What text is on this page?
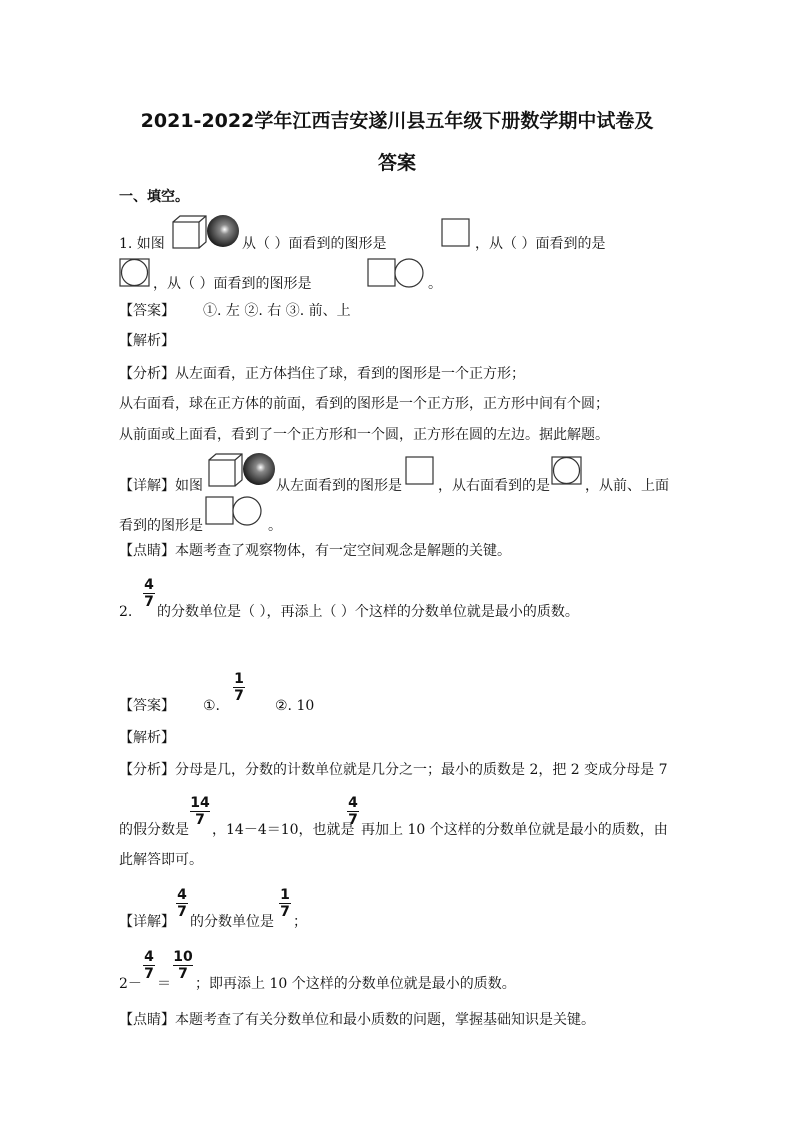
2021-2022学年江西吉安遂川县五年级下册数学期中试卷及
答案
一、填空。
1. 如图	从（ ）面看到的图形是	，从（ ）面看到的是
，从（ ）面看到的图形是	。
【答案】 ①. 左 ②. 右 ③. 前、上
【解析】
【分析】 从左面看，正方体挡住了球，看到的图形是一个正方形；
从右面看，球在正方体的前面，看到的图形是一个正方形，正方形中间有个圆；
从前面或上面看，看到了一个正方形和一个圆，正方形在圆的左边。据此解题。
【详解】 如图	从左面看到的图形是	，从右面看到的是	，从前、上面
看到的图形是	。
【点睛】 本题考查了观察物体，有一定空间观念是解题的关键。
2.
$\frac{4}{7}$
的分数单位是（ ），再添上（ ）个这样的分数单位就是最小的质数。
【答案】 ①.
$\frac{1}{7}$
②. 10
【解析】
【分析】 分母是几，分数的计数单位就是几分之一；最小的质数是 2，把 2 变成分母是 7
的假分数是
$\frac{14}{7}$
，14－4＝10，也就是
$\frac{4}{7}$
再加上 10 个这样的分数单位就是最小的质数，由
此解答即可。
【详解】
$\frac{4}{7}$
的分数单位是
$\frac{1}{7}$
；
2－
$\frac{4}{7}$
＝
$\frac{10}{7}$
；即再添上 10 个这样的分数单位就是最小的质数。
【点睛】 本题考查了有关分数单位和最小质数的问题，掌握基础知识是关键。
